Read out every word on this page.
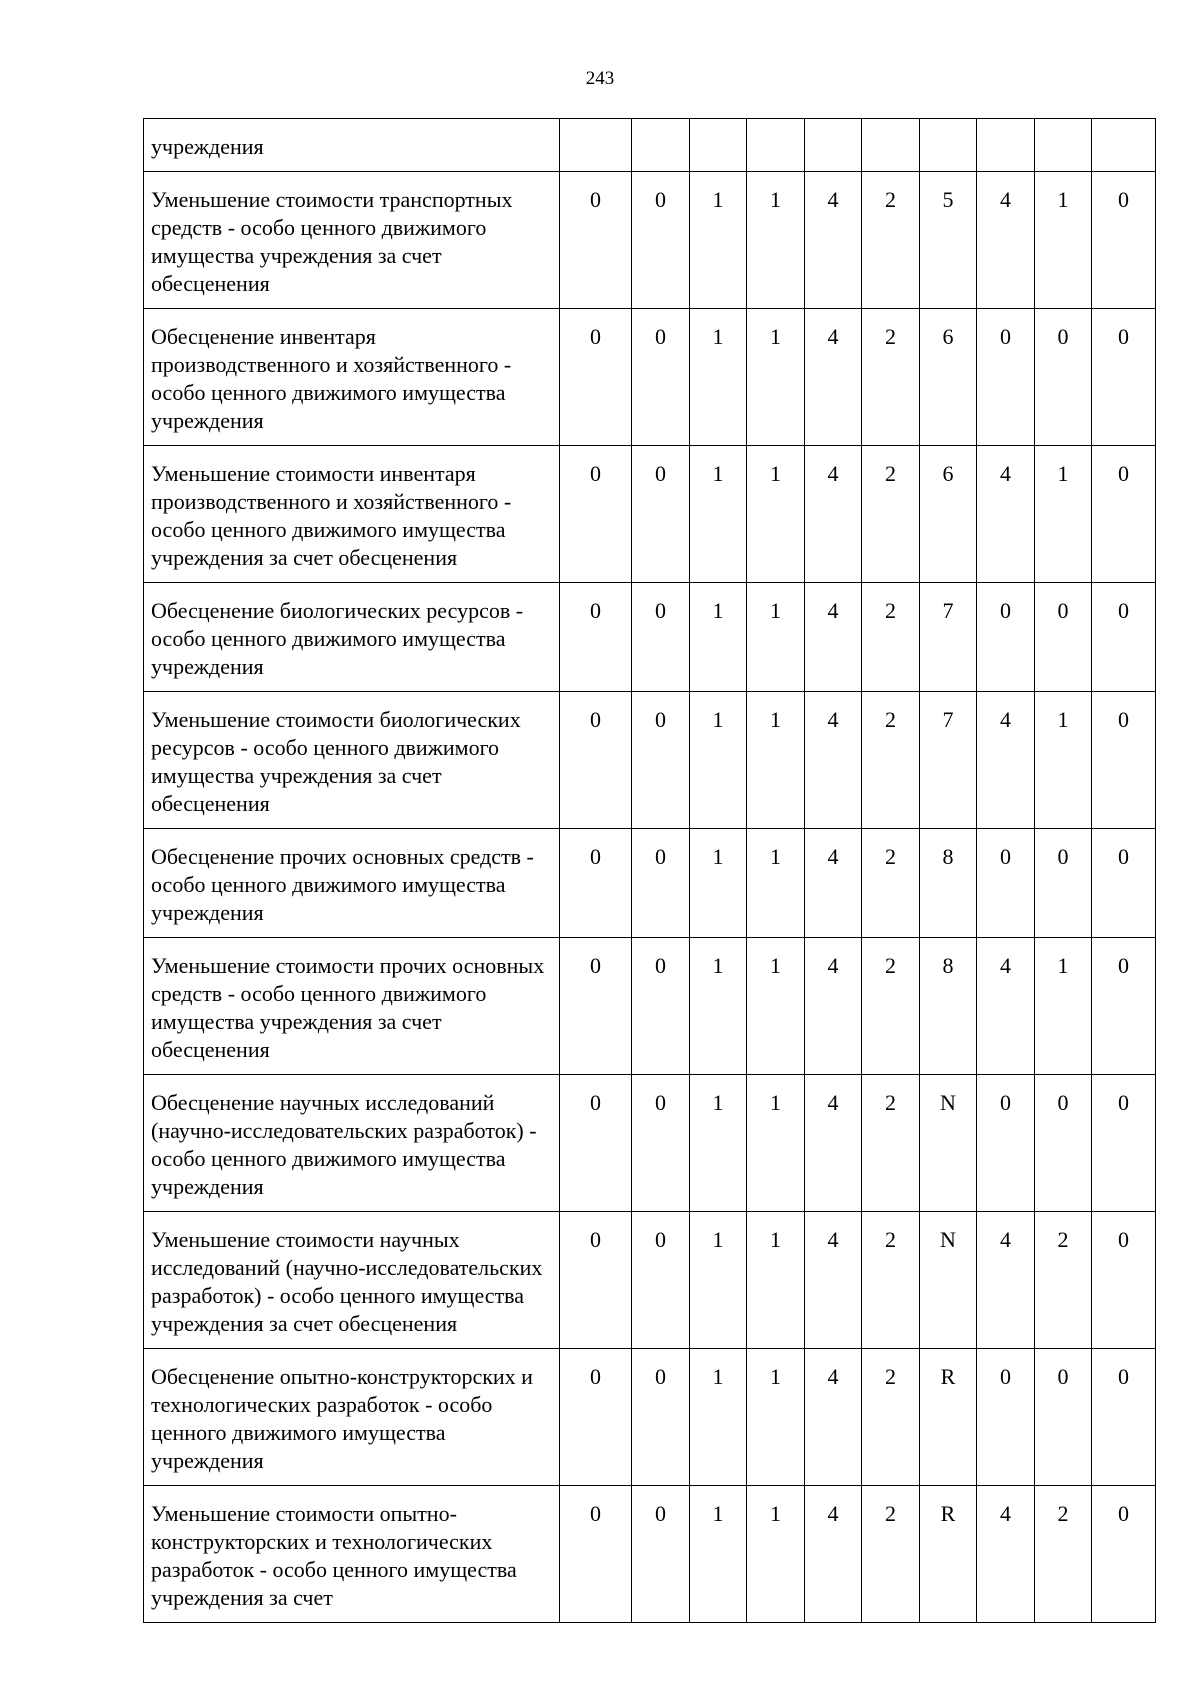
243
учреждения										
Уменьшение стоимости транспортных средств - особо ценного движимого имущества учреждения за счет обесценения	0	0	1	1	4	2	5	4	1	0
Обесценение инвентаря производственного и хозяйственного - особо ценного движимого имущества учреждения	0	0	1	1	4	2	6	0	0	0
Уменьшение стоимости инвентаря производственного и хозяйственного - особо ценного движимого имущества учреждения за счет обесценения	0	0	1	1	4	2	6	4	1	0
Обесценение биологических ресурсов - особо ценного движимого имущества учреждения	0	0	1	1	4	2	7	0	0	0
Уменьшение стоимости биологических ресурсов - особо ценного движимого имущества учреждения за счет обесценения	0	0	1	1	4	2	7	4	1	0
Обесценение прочих основных средств - особо ценного движимого имущества учреждения	0	0	1	1	4	2	8	0	0	0
Уменьшение стоимости прочих основных средств - особо ценного движимого имущества учреждения за счет обесценения	0	0	1	1	4	2	8	4	1	0
Обесценение научных исследований (научно-исследовательских разработок) - особо ценного движимого имущества учреждения	0	0	1	1	4	2	N	0	0	0
Уменьшение стоимости научных исследований (научно-исследовательских разработок) - особо ценного имущества учреждения за счет обесценения	0	0	1	1	4	2	N	4	2	0
Обесценение опытно-конструкторских и технологических разработок - особо ценного движимого имущества учреждения	0	0	1	1	4	2	R	0	0	0
Уменьшение стоимости опытно-конструкторских и технологических разработок - особо ценного имущества учреждения за счет	0	0	1	1	4	2	R	4	2	0
